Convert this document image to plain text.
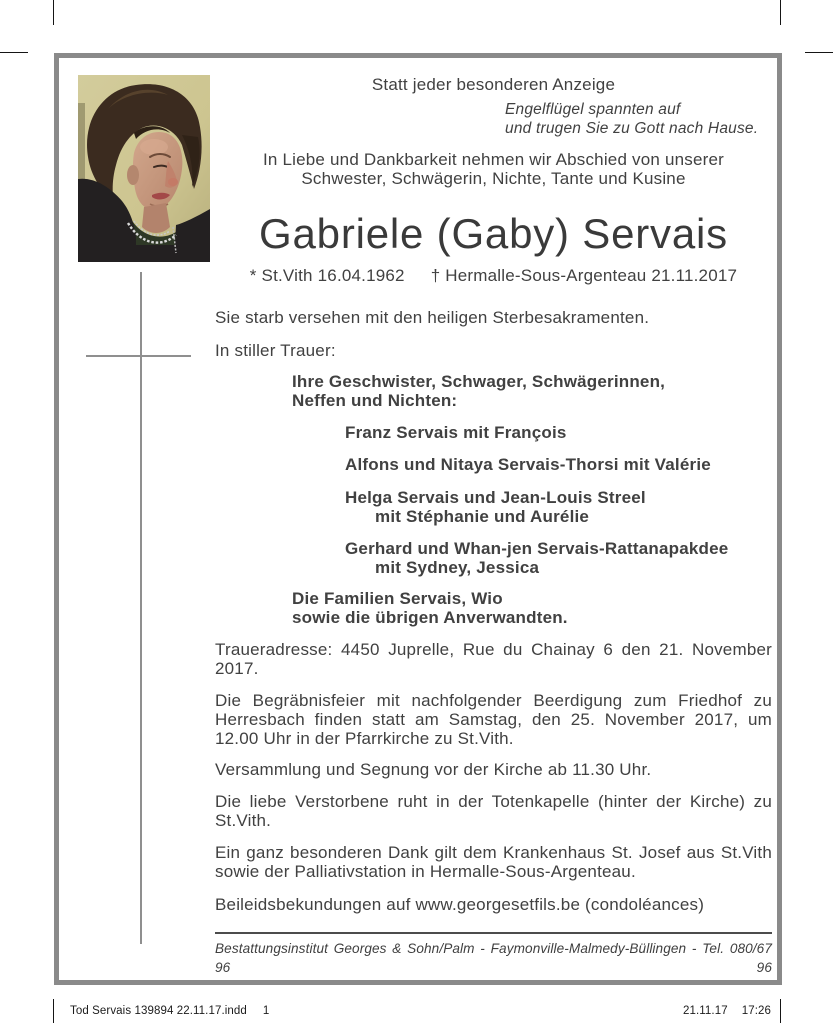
Statt jeder besonderen Anzeige
Engelflügel spannten auf
und trugen Sie zu Gott nach Hause.
In Liebe und Dankbarkeit nehmen wir Abschied von unserer
Schwester, Schwägerin, Nichte, Tante und Kusine
Gabriele (Gaby) Servais
* St.Vith 16.04.1962 † Hermalle-Sous-Argenteau 21.11.2017
Sie starb versehen mit den heiligen Sterbesakramenten.
In stiller Trauer:
Ihre Geschwister, Schwager, Schwägerinnen,
Neffen und Nichten:
Franz Servais mit François
Alfons und Nitaya Servais-Thorsi mit Valérie
Helga Servais und Jean-Louis Streel
mit Stéphanie und Aurélie
Gerhard und Whan-jen Servais-Rattanapakdee
mit Sydney, Jessica
Die Familien Servais, Wio
sowie die übrigen Anverwandten.
Traueradresse: 4450 Juprelle, Rue du Chainay 6 den 21. November
2017.
Die Begräbnisfeier mit nachfolgender Beerdigung zum Friedhof zu
Herresbach finden statt am Samstag, den 25. November 2017, um
12.00 Uhr in der Pfarrkirche zu St.Vith.
Versammlung und Segnung vor der Kirche ab 11.30 Uhr.
Die liebe Verstorbene ruht in der Totenkapelle (hinter der Kirche) zu
St.Vith.
Ein ganz besonderen Dank gilt dem Krankenhaus St. Josef aus St.Vith
sowie der Palliativstation in Hermalle-Sous-Argenteau.
Beileidsbekundungen auf www.georgesetfils.be (condoléances)
Bestattungsinstitut Georges & Sohn/Palm - Faymonville-Malmedy-Büllingen - Tel. 080/67 96 96
Tod Servais 139894 22.11.17.indd 1	21.11.17 17:26
